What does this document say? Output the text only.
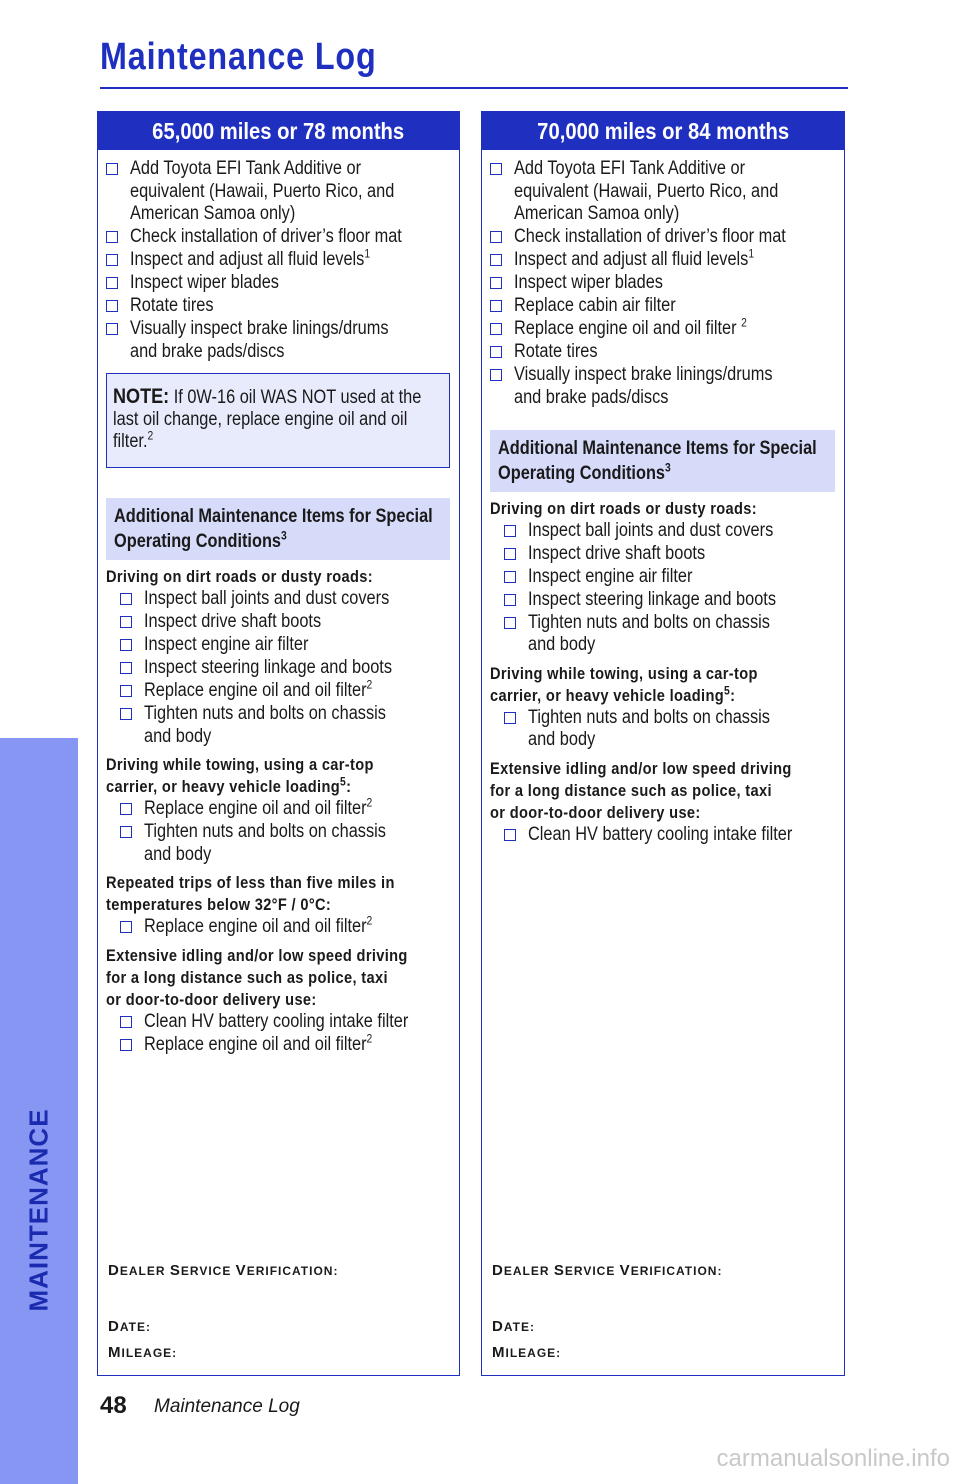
MAINTENANCE
Maintenance Log
65,000 miles or 78 months
Add Toyota EFI Tank Additive or
equivalent (Hawaii, Puerto Rico, and
American Samoa only)
Check installation of driver’s floor mat
Inspect and adjust all fluid levels$^1$
Inspect wiper blades
Rotate tires
Visually inspect brake linings/drums
and brake pads/discs
NOTE: If 0W-16 oil WAS NOT used at the last oil change, replace engine oil and oil filter.$^2$
Additional Maintenance Items for Special Operating Conditions$^3$
Driving on dirt roads or dusty roads:
Inspect ball joints and dust covers
Inspect drive shaft boots
Inspect engine air filter
Inspect steering linkage and boots
Replace engine oil and oil filter$^2$
Tighten nuts and bolts on chassis
and body
Driving while towing, using a car-top
carrier, or heavy vehicle loading$^5$:
Replace engine oil and oil filter$^2$
Tighten nuts and bolts on chassis
and body
Repeated trips of less than five miles in
temperatures below 32°F / 0°C:
Replace engine oil and oil filter$^2$
Extensive idling and/or low speed driving
for a long distance such as police, taxi
or door-to-door delivery use:
Clean HV battery cooling intake filter
Replace engine oil and oil filter$^2$
DEALER SERVICE VERIFICATION:
DATE:
MILEAGE:
70,000 miles or 84 months
Add Toyota EFI Tank Additive or
equivalent (Hawaii, Puerto Rico, and
American Samoa only)
Check installation of driver’s floor mat
Inspect and adjust all fluid levels$^1$
Inspect wiper blades
Replace cabin air filter
Replace engine oil and oil filter $^2$
Rotate tires
Visually inspect brake linings/drums
and brake pads/discs
Additional Maintenance Items for Special Operating Conditions$^3$
Driving on dirt roads or dusty roads:
Inspect ball joints and dust covers
Inspect drive shaft boots
Inspect engine air filter
Inspect steering linkage and boots
Tighten nuts and bolts on chassis
and body
Driving while towing, using a car-top
carrier, or heavy vehicle loading$^5$:
Tighten nuts and bolts on chassis
and body
Extensive idling and/or low speed driving
for a long distance such as police, taxi
or door-to-door delivery use:
Clean HV battery cooling intake filter
DEALER SERVICE VERIFICATION:
DATE:
MILEAGE:
48 Maintenance Log
carmanualsonline.info
